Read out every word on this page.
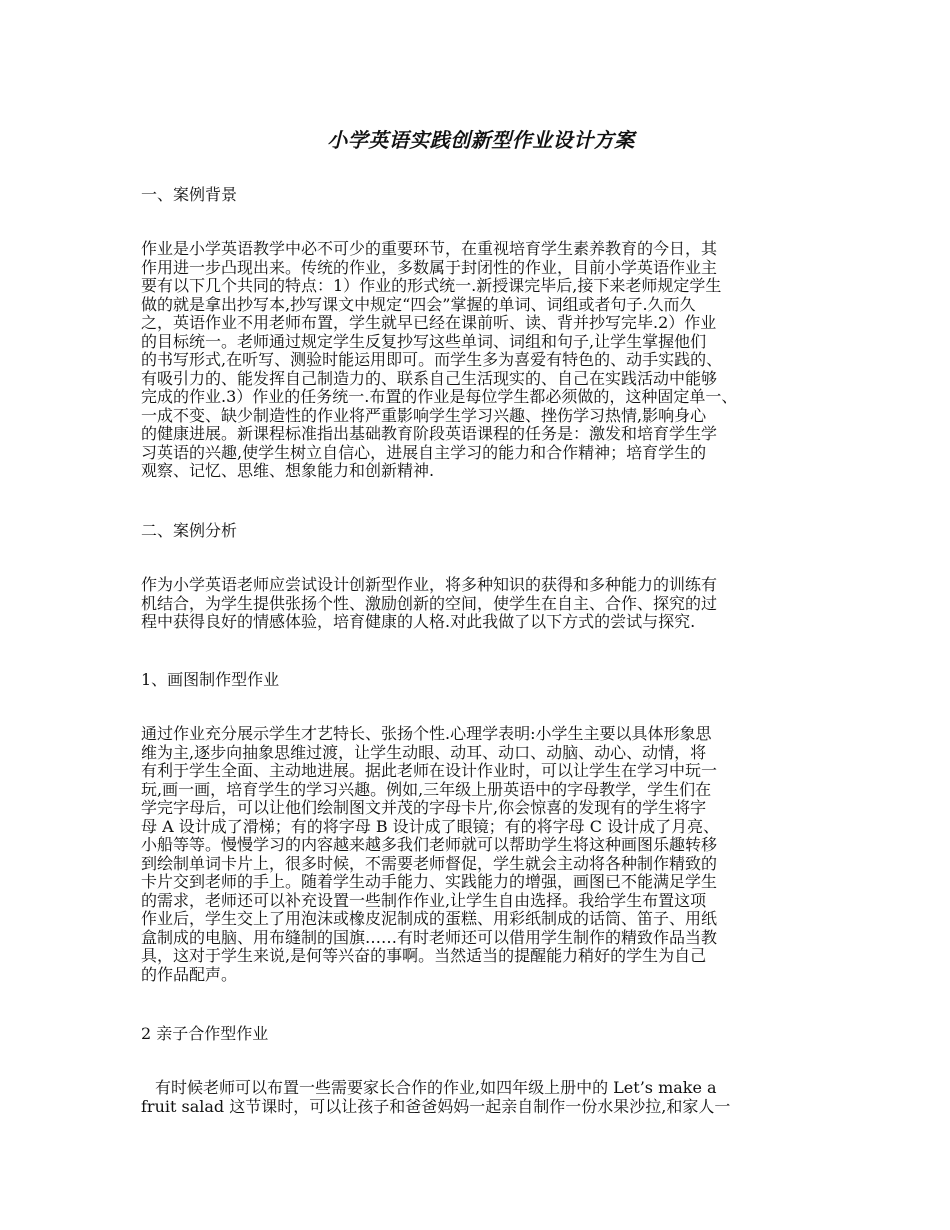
小学英语实践创新型作业设计方案
一、案例背景

作业是小学英语教学中必不可少的重要环节，在重视培育学生素养教育的今日，其

作用进一步凸现出来。传统的作业，多数属于封闭性的作业，目前小学英语作业主

要有以下几个共同的特点：1）作业的形式统一.新授课完毕后,接下来老师规定学生

做的就是拿出抄写本,抄写课文中规定“四会”掌握的单词、词组或者句子.久而久

之，英语作业不用老师布置，学生就早已经在课前听、读、背并抄写完毕.2）作业

的目标统一。老师通过规定学生反复抄写这些单词、词组和句子,让学生掌握他们

的书写形式,在听写、测验时能运用即可。而学生多为喜爱有特色的、动手实践的、

有吸引力的、能发挥自己制造力的、联系自己生活现实的、自己在实践活动中能够

完成的作业.3）作业的任务统一.布置的作业是每位学生都必须做的，这种固定单一、

一成不变、缺少制造性的作业将严重影响学生学习兴趣、挫伤学习热情,影响身心

的健康进展。新课程标准指出基础教育阶段英语课程的任务是：激发和培育学生学

习英语的兴趣,使学生树立自信心，进展自主学习的能力和合作精神；培育学生的

观察、记忆、思维、想象能力和创新精神.

二、案例分析

作为小学英语老师应尝试设计创新型作业，将多种知识的获得和多种能力的训练有

机结合，为学生提供张扬个性、激励创新的空间，使学生在自主、合作、探究的过

程中获得良好的情感体验，培育健康的人格.对此我做了以下方式的尝试与探究.

1、画图制作型作业

通过作业充分展示学生才艺特长、张扬个性.心理学表明:小学生主要以具体形象思

维为主,逐步向抽象思维过渡，让学生动眼、动耳、动口、动脑、动心、动情，将

有利于学生全面、主动地进展。据此老师在设计作业时，可以让学生在学习中玩一

玩,画一画，培育学生的学习兴趣。例如,三年级上册英语中的字母教学，学生们在

学完字母后，可以让他们绘制图文并茂的字母卡片,你会惊喜的发现有的学生将字

母 A 设计成了滑梯；有的将字母 B 设计成了眼镜；有的将字母 C 设计成了月亮、

小船等等。慢慢学习的内容越来越多我们老师就可以帮助学生将这种画图乐趣转移

到绘制单词卡片上，很多时候，不需要老师督促，学生就会主动将各种制作精致的

卡片交到老师的手上。随着学生动手能力、实践能力的增强，画图已不能满足学生

的需求，老师还可以补充设置一些制作作业,让学生自由选择。我给学生布置这项

作业后，学生交上了用泡沫或橡皮泥制成的蛋糕、用彩纸制成的话筒、笛子、用纸

盒制成的电脑、用布缝制的国旗……有时老师还可以借用学生制作的精致作品当教

具，这对于学生来说,是何等兴奋的事啊。当然适当的提醒能力稍好的学生为自己

的作品配声。

2 亲子合作型作业

有时候老师可以布置一些需要家长合作的作业,如四年级上册中的 Let’s make a

fruit salad 这节课时，可以让孩子和爸爸妈妈一起亲自制作一份水果沙拉,和家人一
